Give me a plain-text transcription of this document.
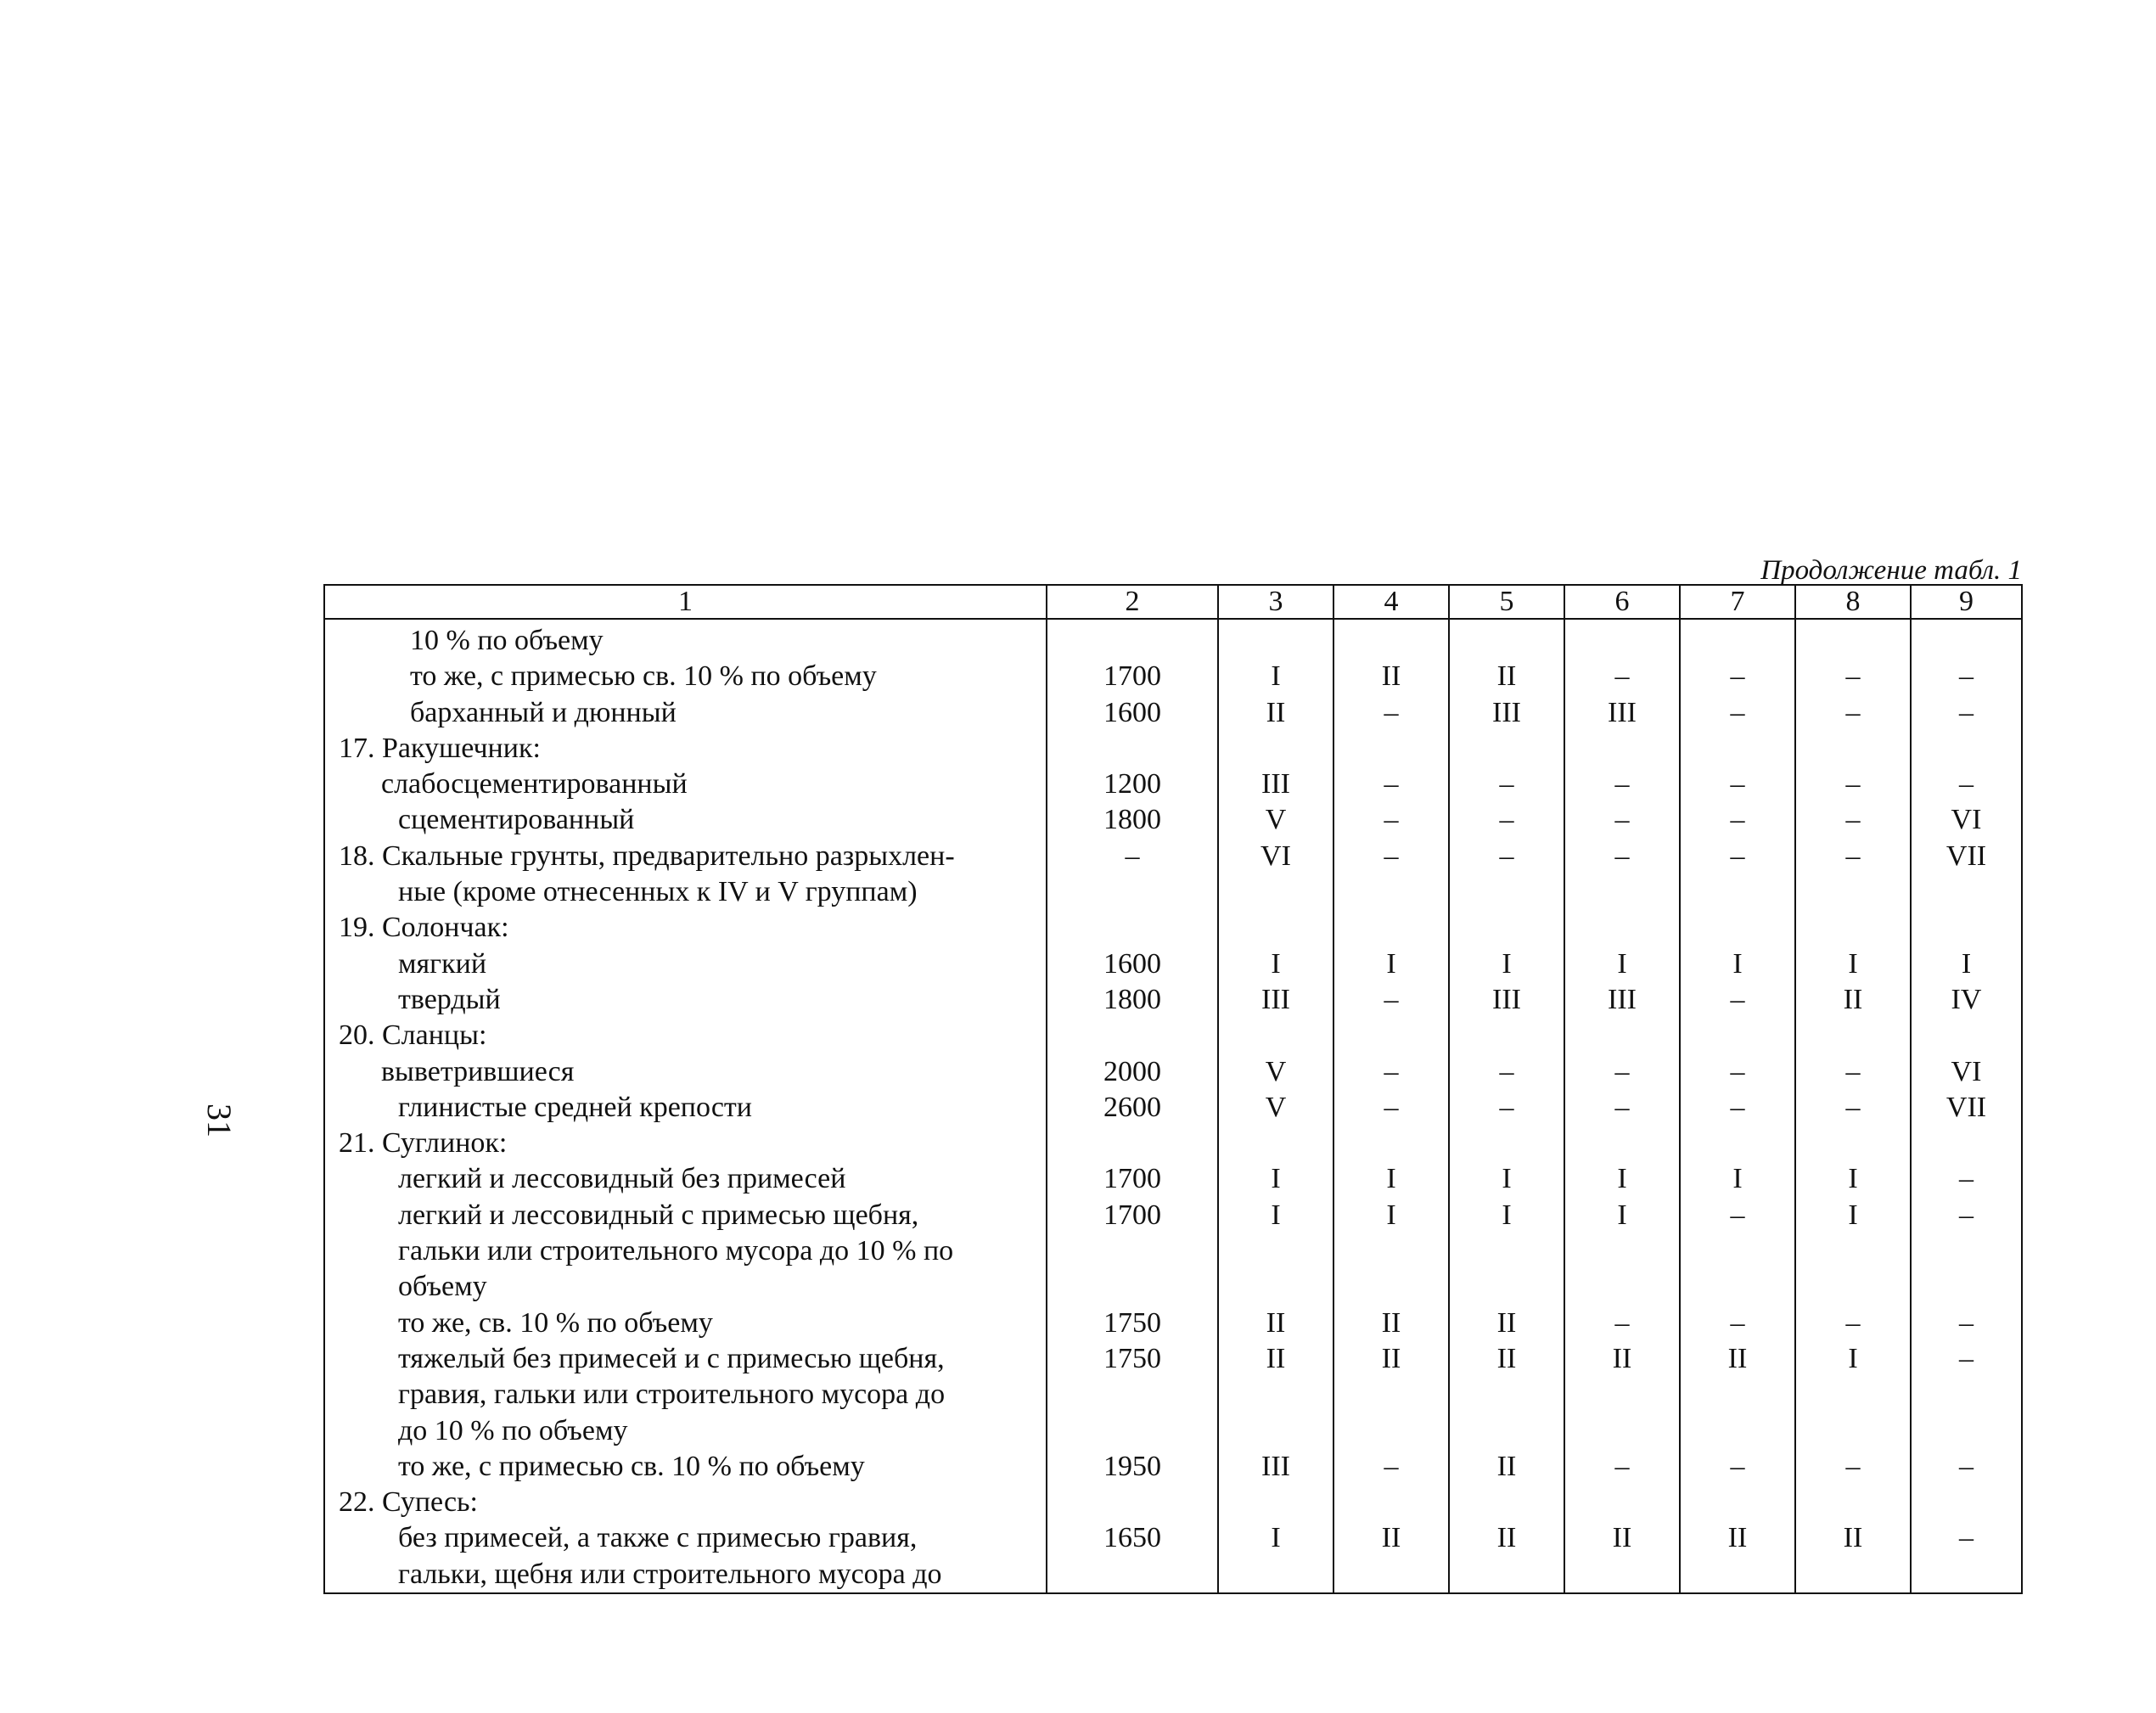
31
Продолжение табл. 1
1	2	3	4	5	6	7	8	9
10 % по объему								
то же, с примесью св. 10 % по объему	1700	I	II	II	–	–	–	–
барханный и дюнный	1600	II	–	III	III	–	–	–
17. Ракушечник:								
слабосцементированный	1200	III	–	–	–	–	–	–
сцементированный	1800	V	–	–	–	–	–	VI
18. Скальные грунты, предварительно разрыхлен-	–	VI	–	–	–	–	–	VII
ные (кроме отнесенных к IV и V группам)								
19. Солончак:								
мягкий	1600	I	I	I	I	I	I	I
твердый	1800	III	–	III	III	–	II	IV
20. Сланцы:								
выветрившиеся	2000	V	–	–	–	–	–	VI
глинистые средней крепости	2600	V	–	–	–	–	–	VII
21. Суглинок:								
легкий и лессовидный без примесей	1700	I	I	I	I	I	I	–
легкий и лессовидный с примесью щебня,	1700	I	I	I	I	–	I	–
гальки или строительного мусора до 10 % по								
объему								
то же, св. 10 % по объему	1750	II	II	II	–	–	–	–
тяжелый без примесей и с примесью щебня,	1750	II	II	II	II	II	I	–
гравия, гальки или строительного мусора до								
до 10 % по объему								
то же, с примесью св. 10 % по объему	1950	III	–	II	–	–	–	–
22. Супесь:								
без примесей, а также с примесью гравия,	1650	I	II	II	II	II	II	–
гальки, щебня или строительного мусора до								
